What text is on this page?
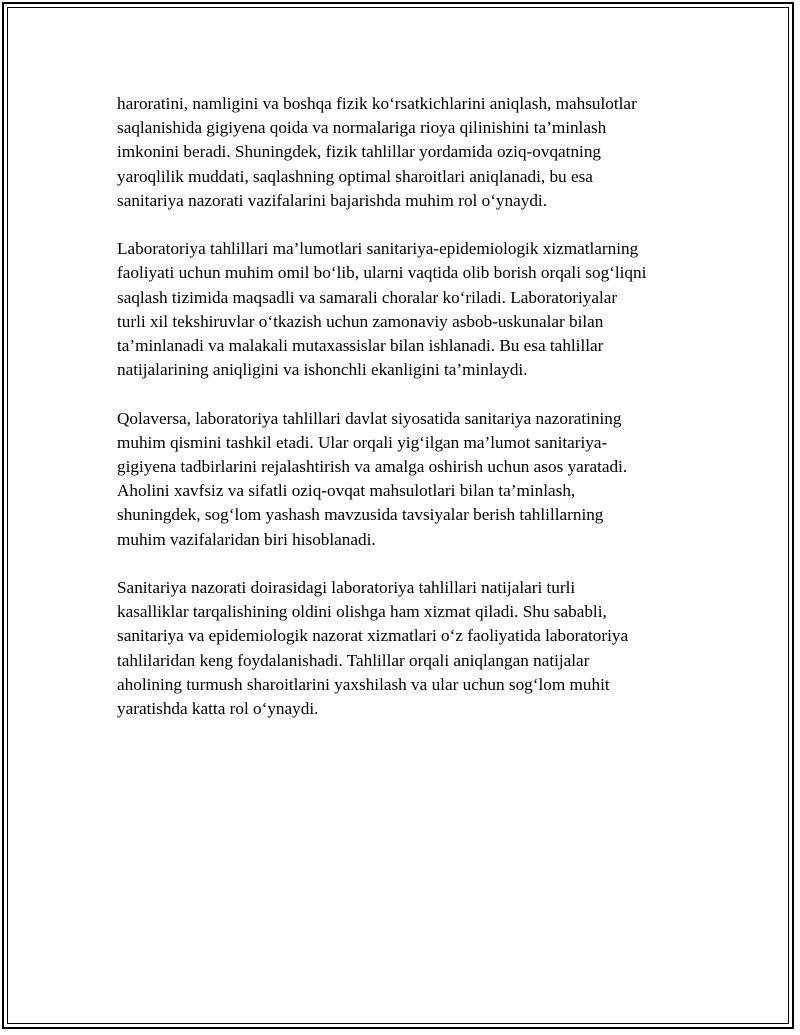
haroratini, namligini va boshqa fizik ko‘rsatkichlarini aniqlash, mahsulotlar
saqlanishida gigiyena qoida va normalariga rioya qilinishini ta’minlash
imkonini beradi. Shuningdek, fizik tahlillar yordamida oziq-ovqatning
yaroqlilik muddati, saqlashning optimal sharoitlari aniqlanadi, bu esa
sanitariya nazorati vazifalarini bajarishda muhim rol o‘ynaydi.

Laboratoriya tahlillari ma’lumotlari sanitariya-epidemiologik xizmatlarning
faoliyati uchun muhim omil bo‘lib, ularni vaqtida olib borish orqali sog‘liqni
saqlash tizimida maqsadli va samarali choralar ko‘riladi. Laboratoriyalar
turli xil tekshiruvlar o‘tkazish uchun zamonaviy asbob-uskunalar bilan
ta’minlanadi va malakali mutaxassislar bilan ishlanadi. Bu esa tahlillar
natijalarining aniqligini va ishonchli ekanligini ta’minlaydi.

Qolaversa, laboratoriya tahlillari davlat siyosatida sanitariya nazoratining
muhim qismini tashkil etadi. Ular orqali yig‘ilgan ma’lumot sanitariya-
gigiyena tadbirlarini rejalashtirish va amalga oshirish uchun asos yaratadi.
Aholini xavfsiz va sifatli oziq-ovqat mahsulotlari bilan ta’minlash,
shuningdek, sog‘lom yashash mavzusida tavsiyalar berish tahlillarning
muhim vazifalaridan biri hisoblanadi.

Sanitariya nazorati doirasidagi laboratoriya tahlillari natijalari turli
kasalliklar tarqalishining oldini olishga ham xizmat qiladi. Shu sababli,
sanitariya va epidemiologik nazorat xizmatlari o‘z faoliyatida laboratoriya
tahlilaridan keng foydalanishadi. Tahlillar orqali aniqlangan natijalar
aholining turmush sharoitlarini yaxshilash va ular uchun sog‘lom muhit
yaratishda katta rol o‘ynaydi.
